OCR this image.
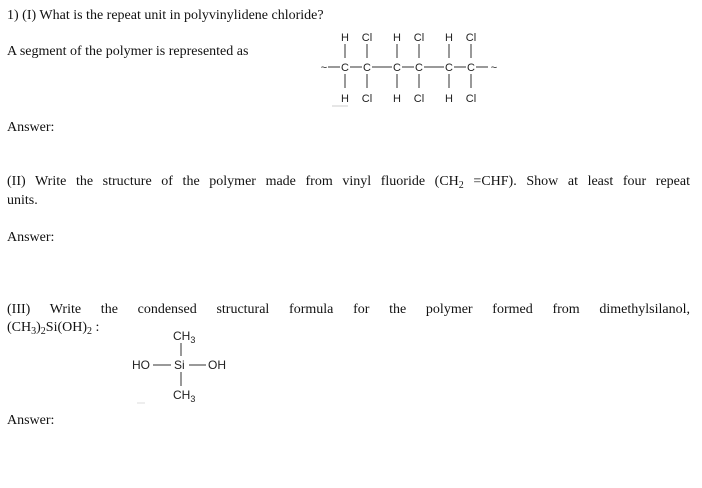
1) (I) What is the repeat unit in polyvinylidene chloride?
A segment of the polymer is represented as
~	~
H
C
H
Cl
C
Cl
H
C
H
Cl
C
Cl
H
C
H
Cl
C
Cl
Answer:
(II) Write the structure of the polymer made from vinyl fluoride $(CH_2 =CHF)$. Show at least four repeat
units.
Answer:
(III) Write the condensed structural formula for the polymer formed from dimethylsilanol,
$(CH_3)_2Si(OH)_2$ :
$CH_3$
HO Si OH
$CH_3$
Answer:
